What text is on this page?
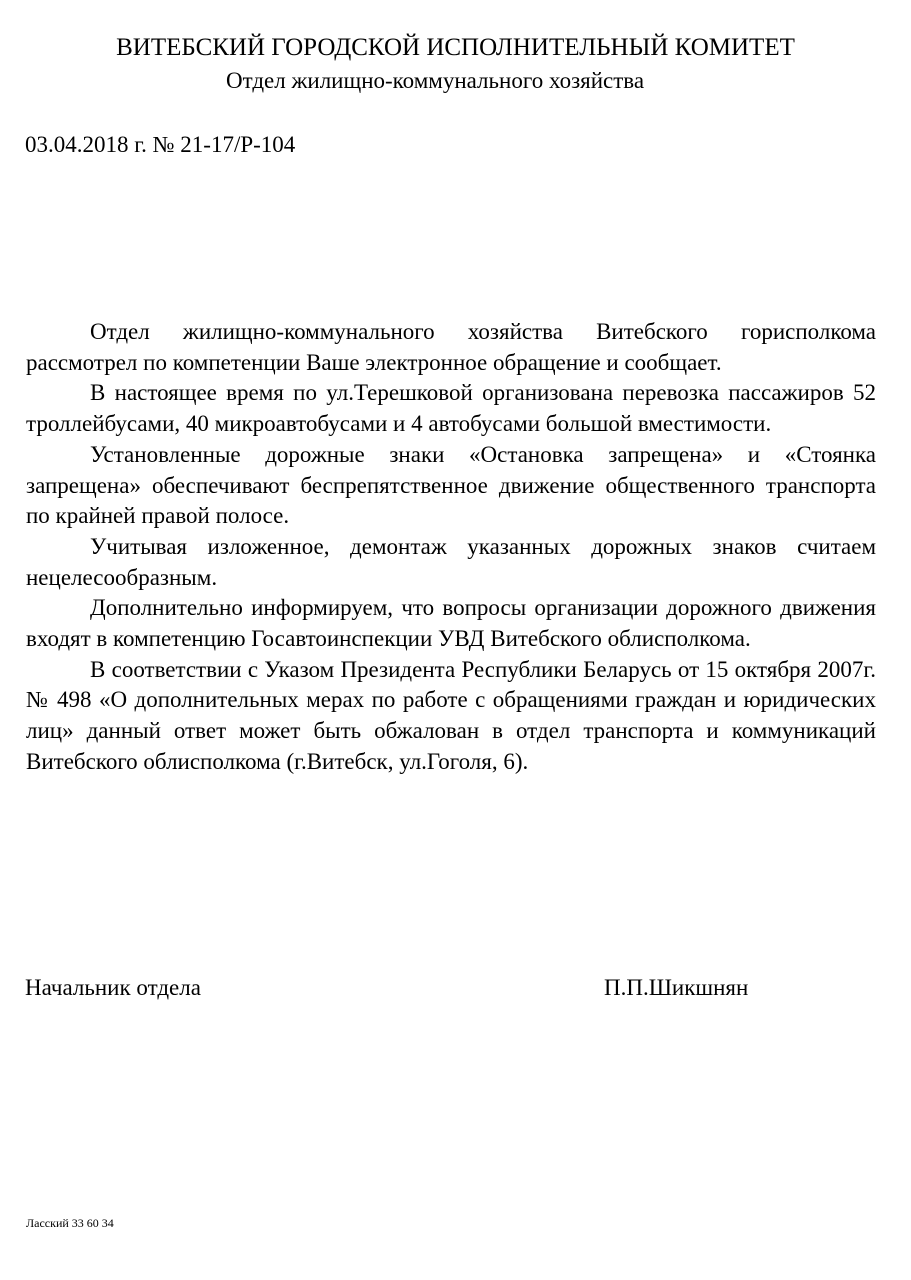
ВИТЕБСКИЙ ГОРОДСКОЙ ИСПОЛНИТЕЛЬНЫЙ КОМИТЕТ
Отдел жилищно-коммунального хозяйства
03.04.2018 г. № 21-17/Р-104

Отдел жилищно-коммунального хозяйства Витебского горисполкома рассмотрел по компетенции Ваше электронное обращение и сообщает.

В настоящее время по ул.Терешковой организована перевозка пассажиров 52 троллейбусами, 40 микроавтобусами и 4 автобусами большой вместимости.

Установленные дорожные знаки «Остановка запрещена» и «Стоянка запрещена» обеспечивают беспрепятственное движение общественного транспорта по крайней правой полосе.

Учитывая изложенное, демонтаж указанных дорожных знаков считаем нецелесообразным.

Дополнительно информируем, что вопросы организации дорожного движения входят в компетенцию Госавтоинспекции УВД Витебского облисполкома.

В соответствии с Указом Президента Республики Беларусь от 15 октября 2007г. № 498 «О дополнительных мерах по работе с обращениями граждан и юридических лиц» данный ответ может быть обжалован в отдел транспорта и коммуникаций Витебского облисполкома (г.Витебск, ул.Гоголя, 6).

Начальник отдела	П.П.Шикшнян
Ласский 33 60 34
